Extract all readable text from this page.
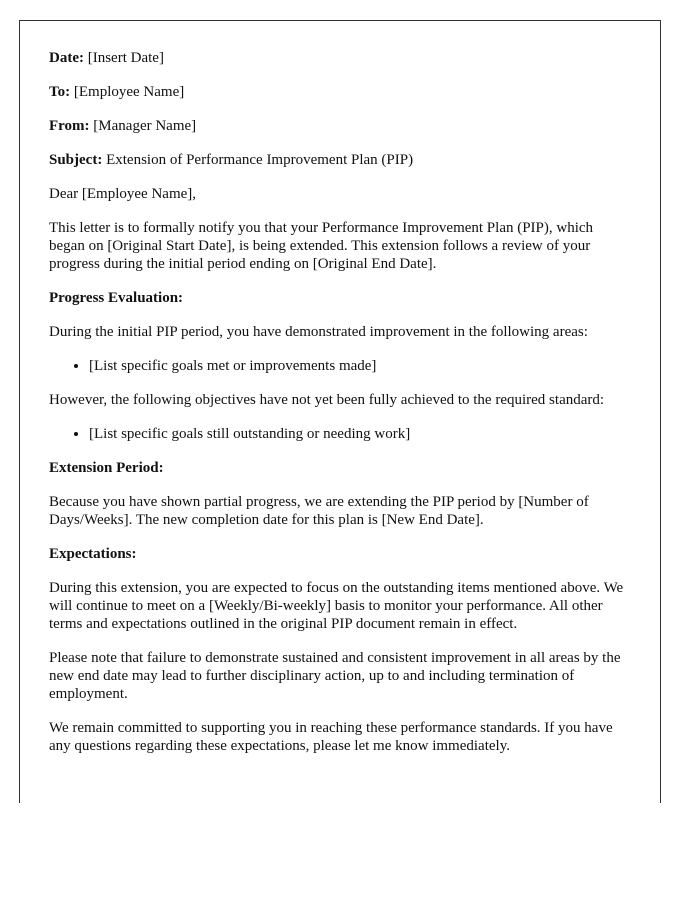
Date: [Insert Date]

To: [Employee Name]

From: [Manager Name]

Subject: Extension of Performance Improvement Plan (PIP)

Dear [Employee Name],

This letter is to formally notify you that your Performance Improvement Plan (PIP), which began on [Original Start Date], is being extended. This extension follows a review of your progress during the initial period ending on [Original End Date].

Progress Evaluation:

During the initial PIP period, you have demonstrated improvement in the following areas:

• [List specific goals met or improvements made]

However, the following objectives have not yet been fully achieved to the required standard:

• [List specific goals still outstanding or needing work]

Extension Period:

Because you have shown partial progress, we are extending the PIP period by [Number of Days/Weeks]. The new completion date for this plan is [New End Date].

Expectations:

During this extension, you are expected to focus on the outstanding items mentioned above. We will continue to meet on a [Weekly/Bi-weekly] basis to monitor your performance. All other terms and expectations outlined in the original PIP document remain in effect.

Please note that failure to demonstrate sustained and consistent improvement in all areas by the new end date may lead to further disciplinary action, up to and including termination of employment.

We remain committed to supporting you in reaching these performance standards. If you have any questions regarding these expectations, please let me know immediately.
